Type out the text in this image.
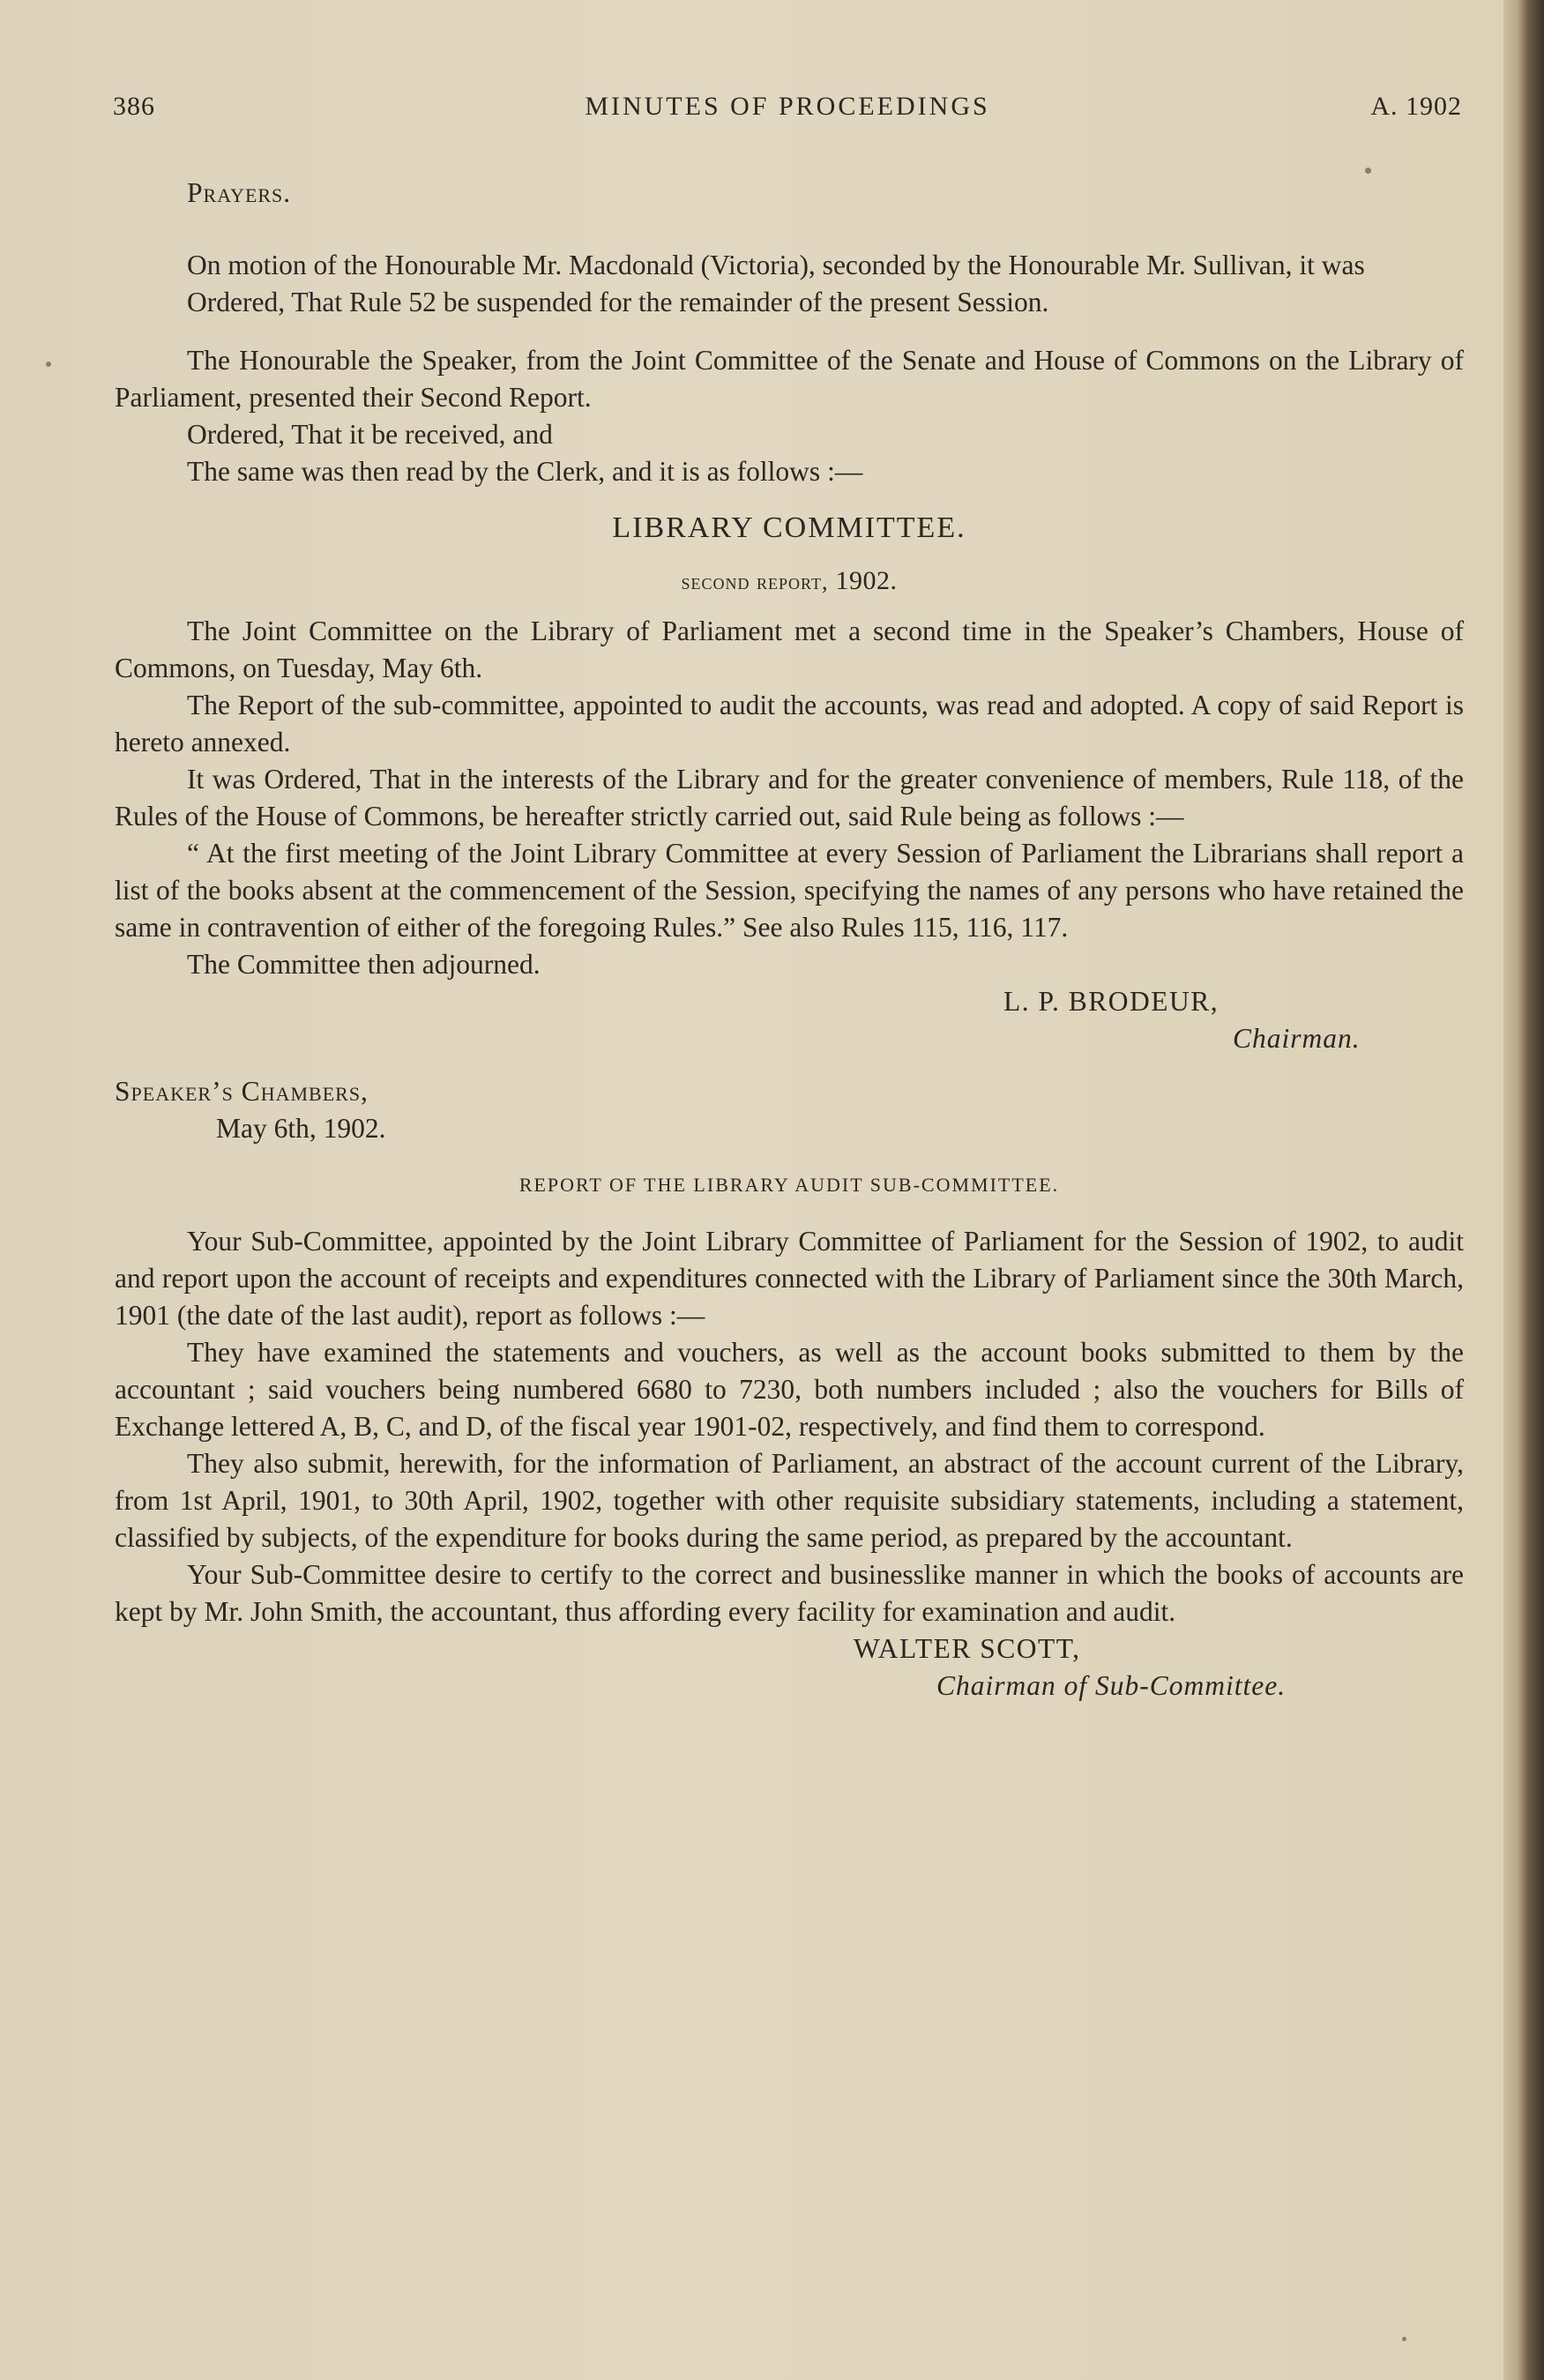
386	MINUTES OF PROCEEDINGS	A. 1902

Prayers.

On motion of the Honourable Mr. Macdonald (Victoria), seconded by the Honourable Mr. Sullivan, it was

Ordered, That Rule 52 be suspended for the remainder of the present Session.

The Honourable the Speaker, from the Joint Committee of the Senate and House of Commons on the Library of Parliament, presented their Second Report.

Ordered, That it be received, and

The same was then read by the Clerk, and it is as follows :—

LIBRARY COMMITTEE.
second report, 1902.

The Joint Committee on the Library of Parliament met a second time in the Speaker’s Chambers, House of Commons, on Tuesday, May 6th.

The Report of the sub-committee, appointed to audit the accounts, was read and adopted. A copy of said Report is hereto annexed.

It was Ordered, That in the interests of the Library and for the greater convenience of members, Rule 118, of the Rules of the House of Commons, be hereafter strictly carried out, said Rule being as follows :—

“ At the first meeting of the Joint Library Committee at every Session of Parliament the Librarians shall report a list of the books absent at the commencement of the Session, specifying the names of any persons who have retained the same in contravention of either of the foregoing Rules.” See also Rules 115, 116, 117.

The Committee then adjourned.

L. P. BRODEUR,

Chairman.

Speaker’s Chambers,

May 6th, 1902.

REPORT OF THE LIBRARY AUDIT SUB-COMMITTEE.

Your Sub-Committee, appointed by the Joint Library Committee of Parliament for the Session of 1902, to audit and report upon the account of receipts and expenditures connected with the Library of Parliament since the 30th March, 1901 (the date of the last audit), report as follows :—

They have examined the statements and vouchers, as well as the account books submitted to them by the accountant ; said vouchers being numbered 6680 to 7230, both numbers included ; also the vouchers for Bills of Exchange lettered A, B, C, and D, of the fiscal year 1901-02, respectively, and find them to correspond.

They also submit, herewith, for the information of Parliament, an abstract of the account current of the Library, from 1st April, 1901, to 30th April, 1902, together with other requisite subsidiary statements, including a statement, classified by subjects, of the expenditure for books during the same period, as prepared by the accountant.

Your Sub-Committee desire to certify to the correct and businesslike manner in which the books of accounts are kept by Mr. John Smith, the accountant, thus affording every facility for examination and audit.

WALTER SCOTT,

Chairman of Sub-Committee.
